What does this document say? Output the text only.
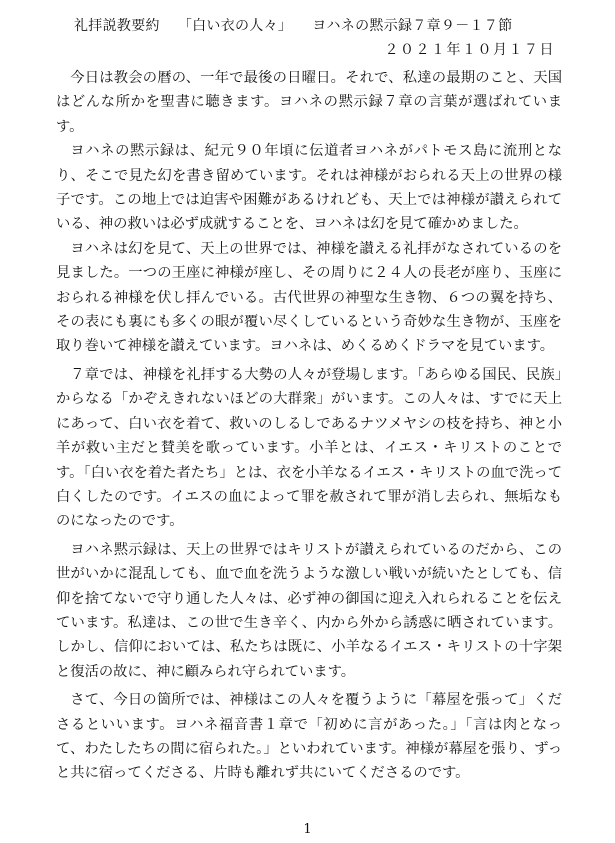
礼拝説教要約 「白い衣の人々」 ヨハネの黙示録７章９－１７節
２０２１年１０月１７日

今日は教会の暦の、一年で最後の日曜日。それで、私達の最期のこと、天国はどんな所かを聖書に聴きます。ヨハネの黙示録７章の言葉が選ばれています。

ヨハネの黙示録は、紀元９０年頃に伝道者ヨハネがパトモス島に流刑となり、そこで見た幻を書き留めています。それは神様がおられる天上の世界の様子です。この地上では迫害や困難があるけれども、天上では神様が讃えられている、神の救いは必ず成就することを、ヨハネは幻を見て確かめました。

ヨハネは幻を見て、天上の世界では、神様を讃える礼拝がなされているのを見ました。一つの王座に神様が座し、その周りに２４人の長老が座り、玉座におられる神様を伏し拝んでいる。古代世界の神聖な生き物、６つの翼を持ち、その表にも裏にも多くの眼が覆い尽くしているという奇妙な生き物が、玉座を取り巻いて神様を讃えています。ヨハネは、めくるめくドラマを見ています。

７章では、神様を礼拝する大勢の人々が登場します。「あらゆる国民、民族」からなる「かぞえきれないほどの大群衆」がいます。この人々は、すでに天上にあって、白い衣を着て、救いのしるしであるナツメヤシの枝を持ち、神と小羊が救い主だと賛美を歌っています。小羊とは、イエス・キリストのことです。「白い衣を着た者たち」とは、衣を小羊なるイエス・キリストの血で洗って白くしたのです。イエスの血によって罪を赦されて罪が消し去られ、無垢なものになったのです。

ヨハネ黙示録は、天上の世界ではキリストが讃えられているのだから、この世がいかに混乱しても、血で血を洗うような激しい戦いが続いたとしても、信仰を捨てないで守り通した人々は、必ず神の御国に迎え入れられることを伝えています。私達は、この世で生き辛く、内から外から誘惑に晒されています。しかし、信仰においては、私たちは既に、小羊なるイエス・キリストの十字架と復活の故に、神に顧みられ守られています。

さて、今日の箇所では、神様はこの人々を覆うように「幕屋を張って」くださるといいます。ヨハネ福音書１章で「初めに言があった。」「言は肉となって、わたしたちの間に宿られた。」といわれています。神様が幕屋を張り、ずっと共に宿ってくださる、片時も離れず共にいてくださるのです。

1
